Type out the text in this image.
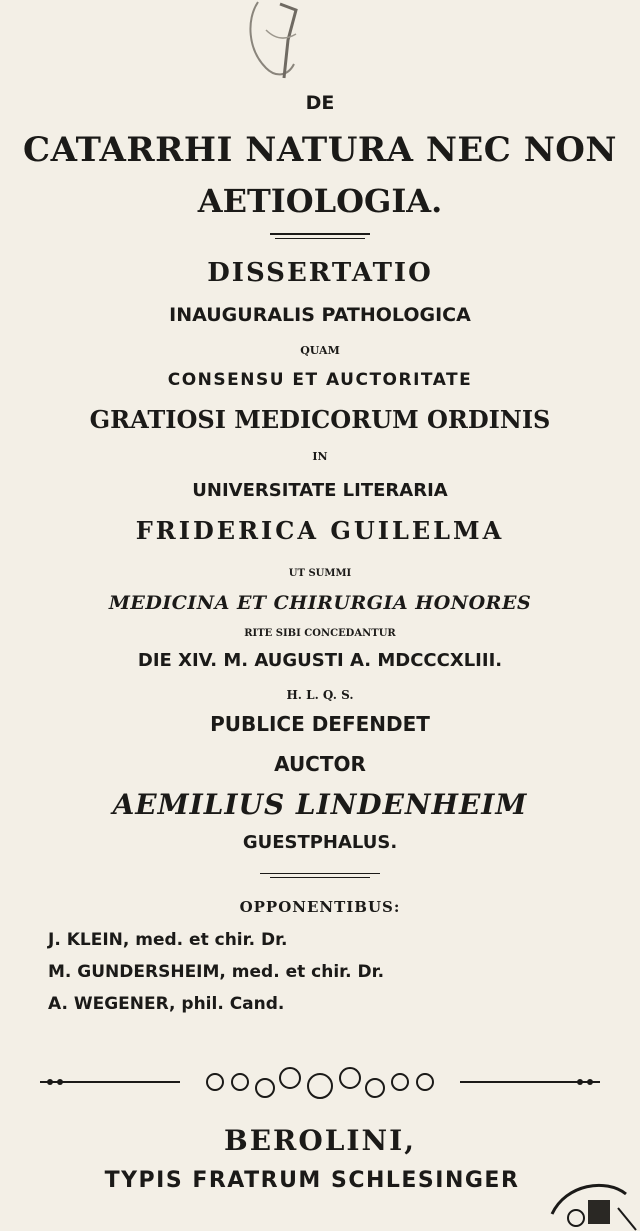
DE
CATARRHI NATURA NEC NON
AETIOLOGIA.
DISSERTATIO
INAUGURALIS PATHOLOGICA
QUAM
CONSENSU ET AUCTORITATE
GRATIOSI MEDICORUM ORDINIS
IN
UNIVERSITATE LITERARIA
FRIDERICA GUILELMA
UT SUMMI
MEDICINA ET CHIRURGIA HONORES
RITE SIBI CONCEDANTUR
DIE XIV. M. AUGUSTI A. MDCCCXLIII.
H. L. Q. S.
PUBLICE DEFENDET
AUCTOR
AEMILIUS LINDENHEIM
GUESTPHALUS.
OPPONENTIBUS:
J. KLEIN, med. et chir. Dr.
M. GUNDERSHEIM, med. et chir. Dr.
A. WEGENER, phil. Cand.
BEROLINI,
TYPIS FRATRUM SCHLESINGER
